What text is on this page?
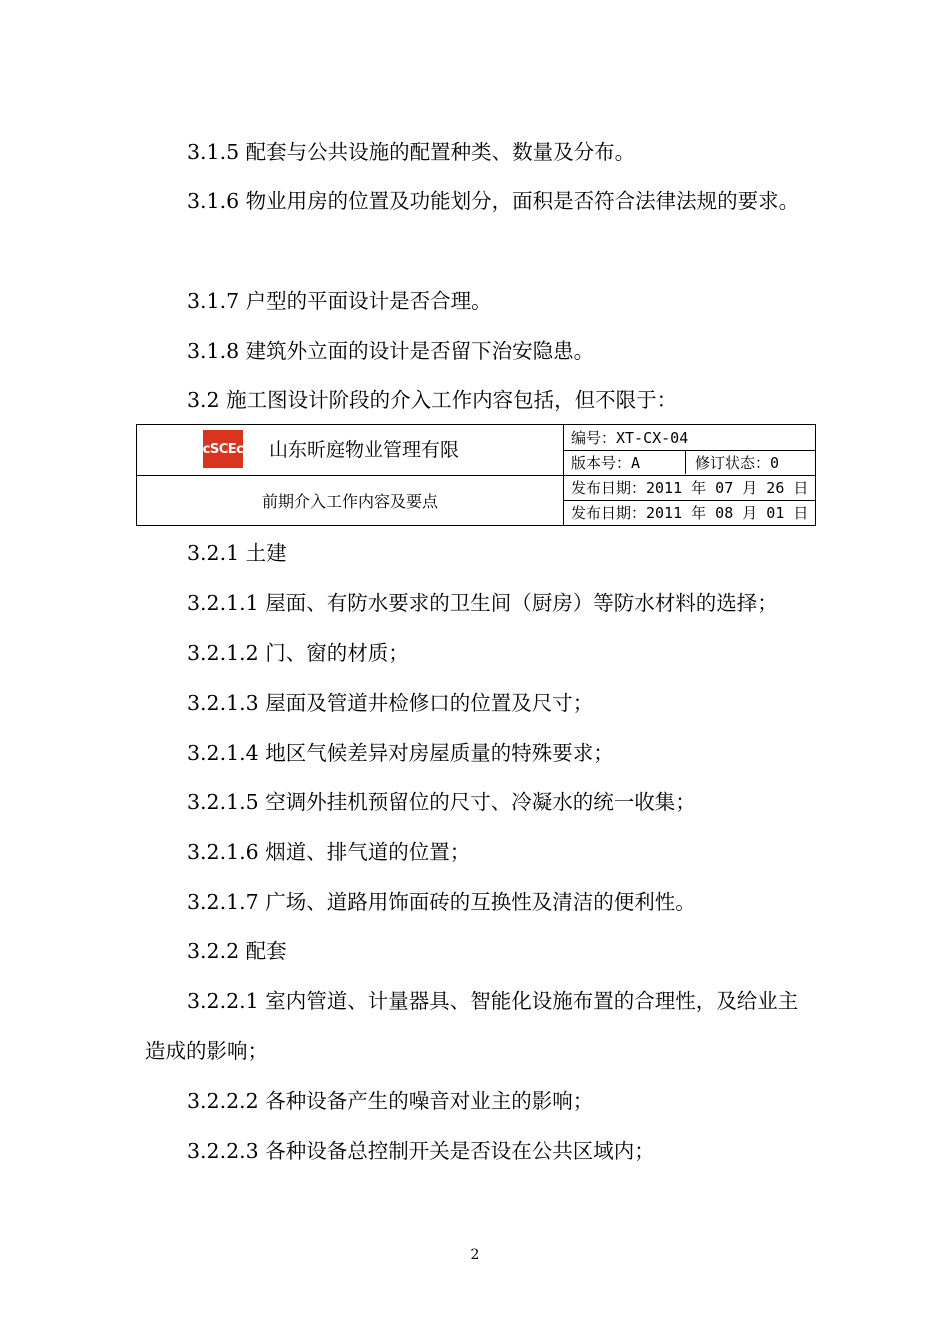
3.1.5 配套与公共设施的配置种类、数量及分布。
3.1.6 物业用房的位置及功能划分，面积是否符合法律法规的要求。
3.1.7 户型的平面设计是否合理。
3.1.8 建筑外立面的设计是否留下治安隐患。
3.2 施工图设计阶段的介入工作内容包括，但不限于：
cSCEc 山东昕庭物业管理有限
前期介入工作内容及要点
编号：XT-CX-04
版本号：A	修订状态：0
发布日期：2011 年 07 月 26 日
发布日期：2011 年 08 月 01 日
3.2.1 土建
3.2.1.1 屋面、有防水要求的卫生间（厨房）等防水材料的选择；
3.2.1.2 门、窗的材质；
3.2.1.3 屋面及管道井检修口的位置及尺寸；
3.2.1.4 地区气候差异对房屋质量的特殊要求；
3.2.1.5 空调外挂机预留位的尺寸、冷凝水的统一收集；
3.2.1.6 烟道、排气道的位置；
3.2.1.7 广场、道路用饰面砖的互换性及清洁的便利性。
3.2.2 配套
3.2.2.1 室内管道、计量器具、智能化设施布置的合理性，及给业主造成的影响；
3.2.2.2 各种设备产生的噪音对业主的影响；
3.2.2.3 各种设备总控制开关是否设在公共区域内；
2
